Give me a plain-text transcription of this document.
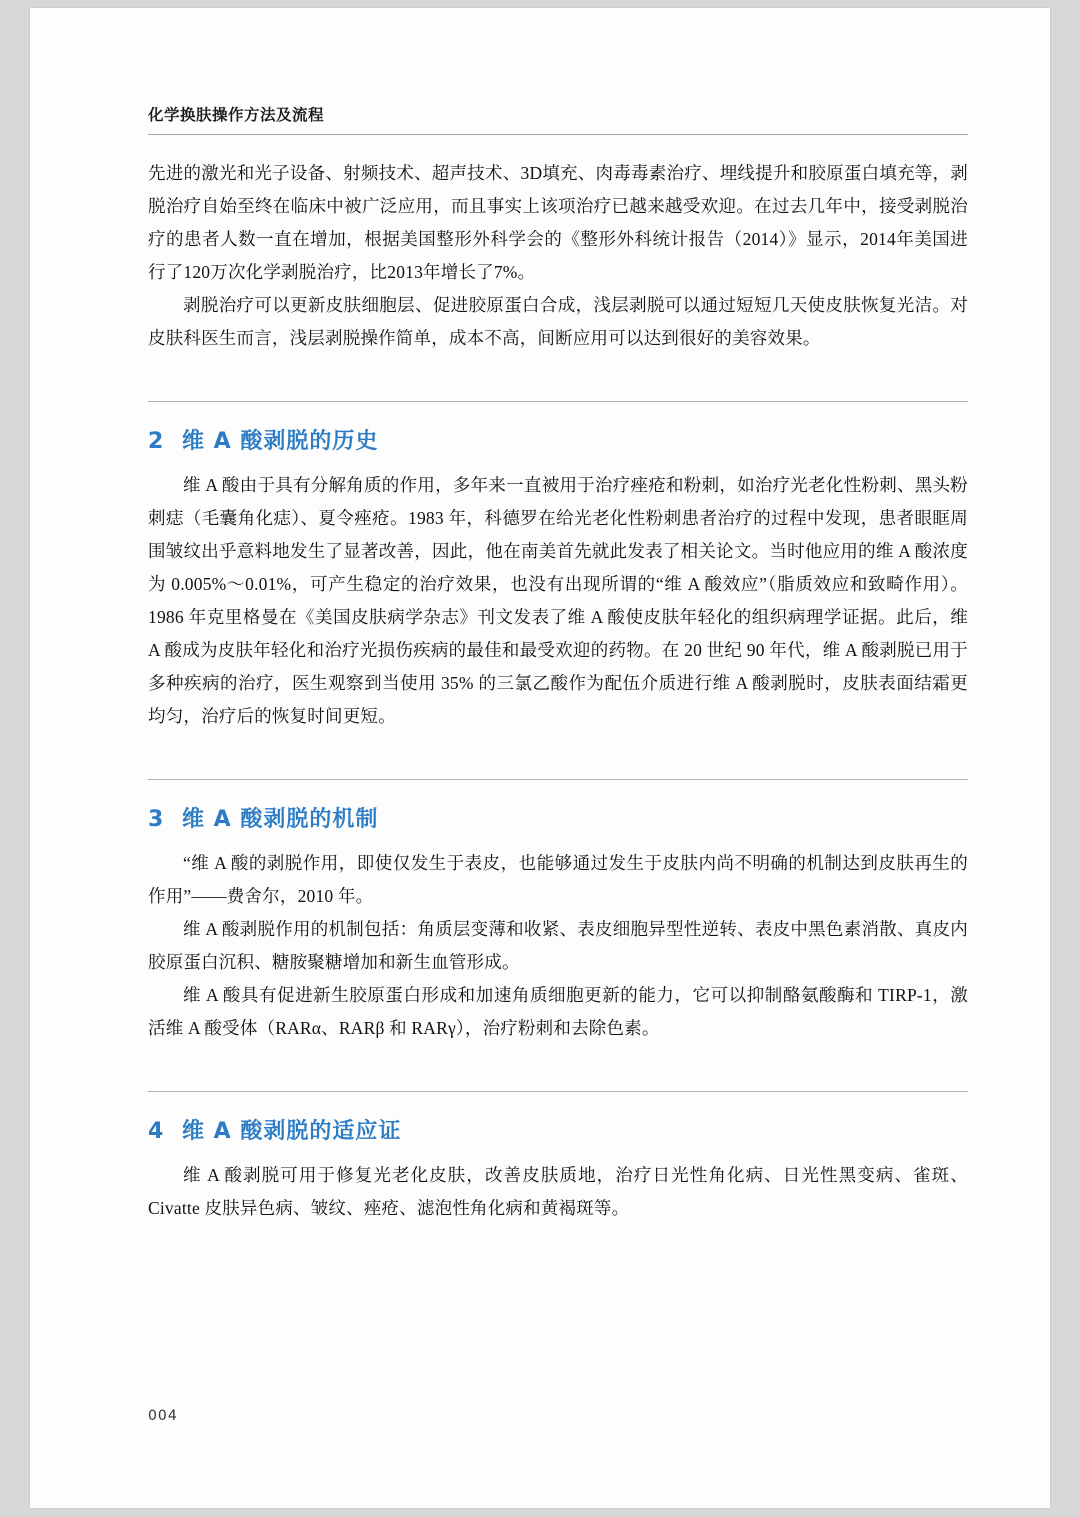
化学换肤操作方法及流程

先进的激光和光子设备、射频技术、超声技术、3D填充、肉毒毒素治疗、埋线提升和胶原蛋白填充等，剥脱治疗自始至终在临床中被广泛应用，而且事实上该项治疗已越来越受欢迎。在过去几年中，接受剥脱治疗的患者人数一直在增加，根据美国整形外科学会的《整形外科统计报告（2014）》显示，2014年美国进行了120万次化学剥脱治疗，比2013年增长了7%。

剥脱治疗可以更新皮肤细胞层、促进胶原蛋白合成，浅层剥脱可以通过短短几天使皮肤恢复光洁。对皮肤科医生而言，浅层剥脱操作简单，成本不高，间断应用可以达到很好的美容效果。

2 维 A 酸剥脱的历史

维 A 酸由于具有分解角质的作用，多年来一直被用于治疗痤疮和粉刺，如治疗光老化性粉刺、黑头粉刺痣（毛囊角化痣）、夏令痤疮。1983 年，科德罗在给光老化性粉刺患者治疗的过程中发现，患者眼眶周围皱纹出乎意料地发生了显著改善，因此，他在南美首先就此发表了相关论文。当时他应用的维 A 酸浓度为 0.005%～0.01%，可产生稳定的治疗效果，也没有出现所谓的“维 A 酸效应”（脂质效应和致畸作用）。1986 年克里格曼在《美国皮肤病学杂志》刊文发表了维 A 酸使皮肤年轻化的组织病理学证据。此后，维 A 酸成为皮肤年轻化和治疗光损伤疾病的最佳和最受欢迎的药物。在 20 世纪 90 年代，维 A 酸剥脱已用于多种疾病的治疗，医生观察到当使用 35% 的三氯乙酸作为配伍介质进行维 A 酸剥脱时，皮肤表面结霜更均匀，治疗后的恢复时间更短。

3 维 A 酸剥脱的机制

“维 A 酸的剥脱作用，即使仅发生于表皮，也能够通过发生于皮肤内尚不明确的机制达到皮肤再生的作用”——费舍尔，2010 年。

维 A 酸剥脱作用的机制包括：角质层变薄和收紧、表皮细胞异型性逆转、表皮中黑色素消散、真皮内胶原蛋白沉积、糖胺聚糖增加和新生血管形成。

维 A 酸具有促进新生胶原蛋白形成和加速角质细胞更新的能力，它可以抑制酪氨酸酶和 TIRP-1，激活维 A 酸受体（RARα、RARβ 和 RARγ），治疗粉刺和去除色素。

4 维 A 酸剥脱的适应证

维 A 酸剥脱可用于修复光老化皮肤，改善皮肤质地，治疗日光性角化病、日光性黑变病、雀斑、Civatte 皮肤异色病、皱纹、痤疮、滤泡性角化病和黄褐斑等。

004
